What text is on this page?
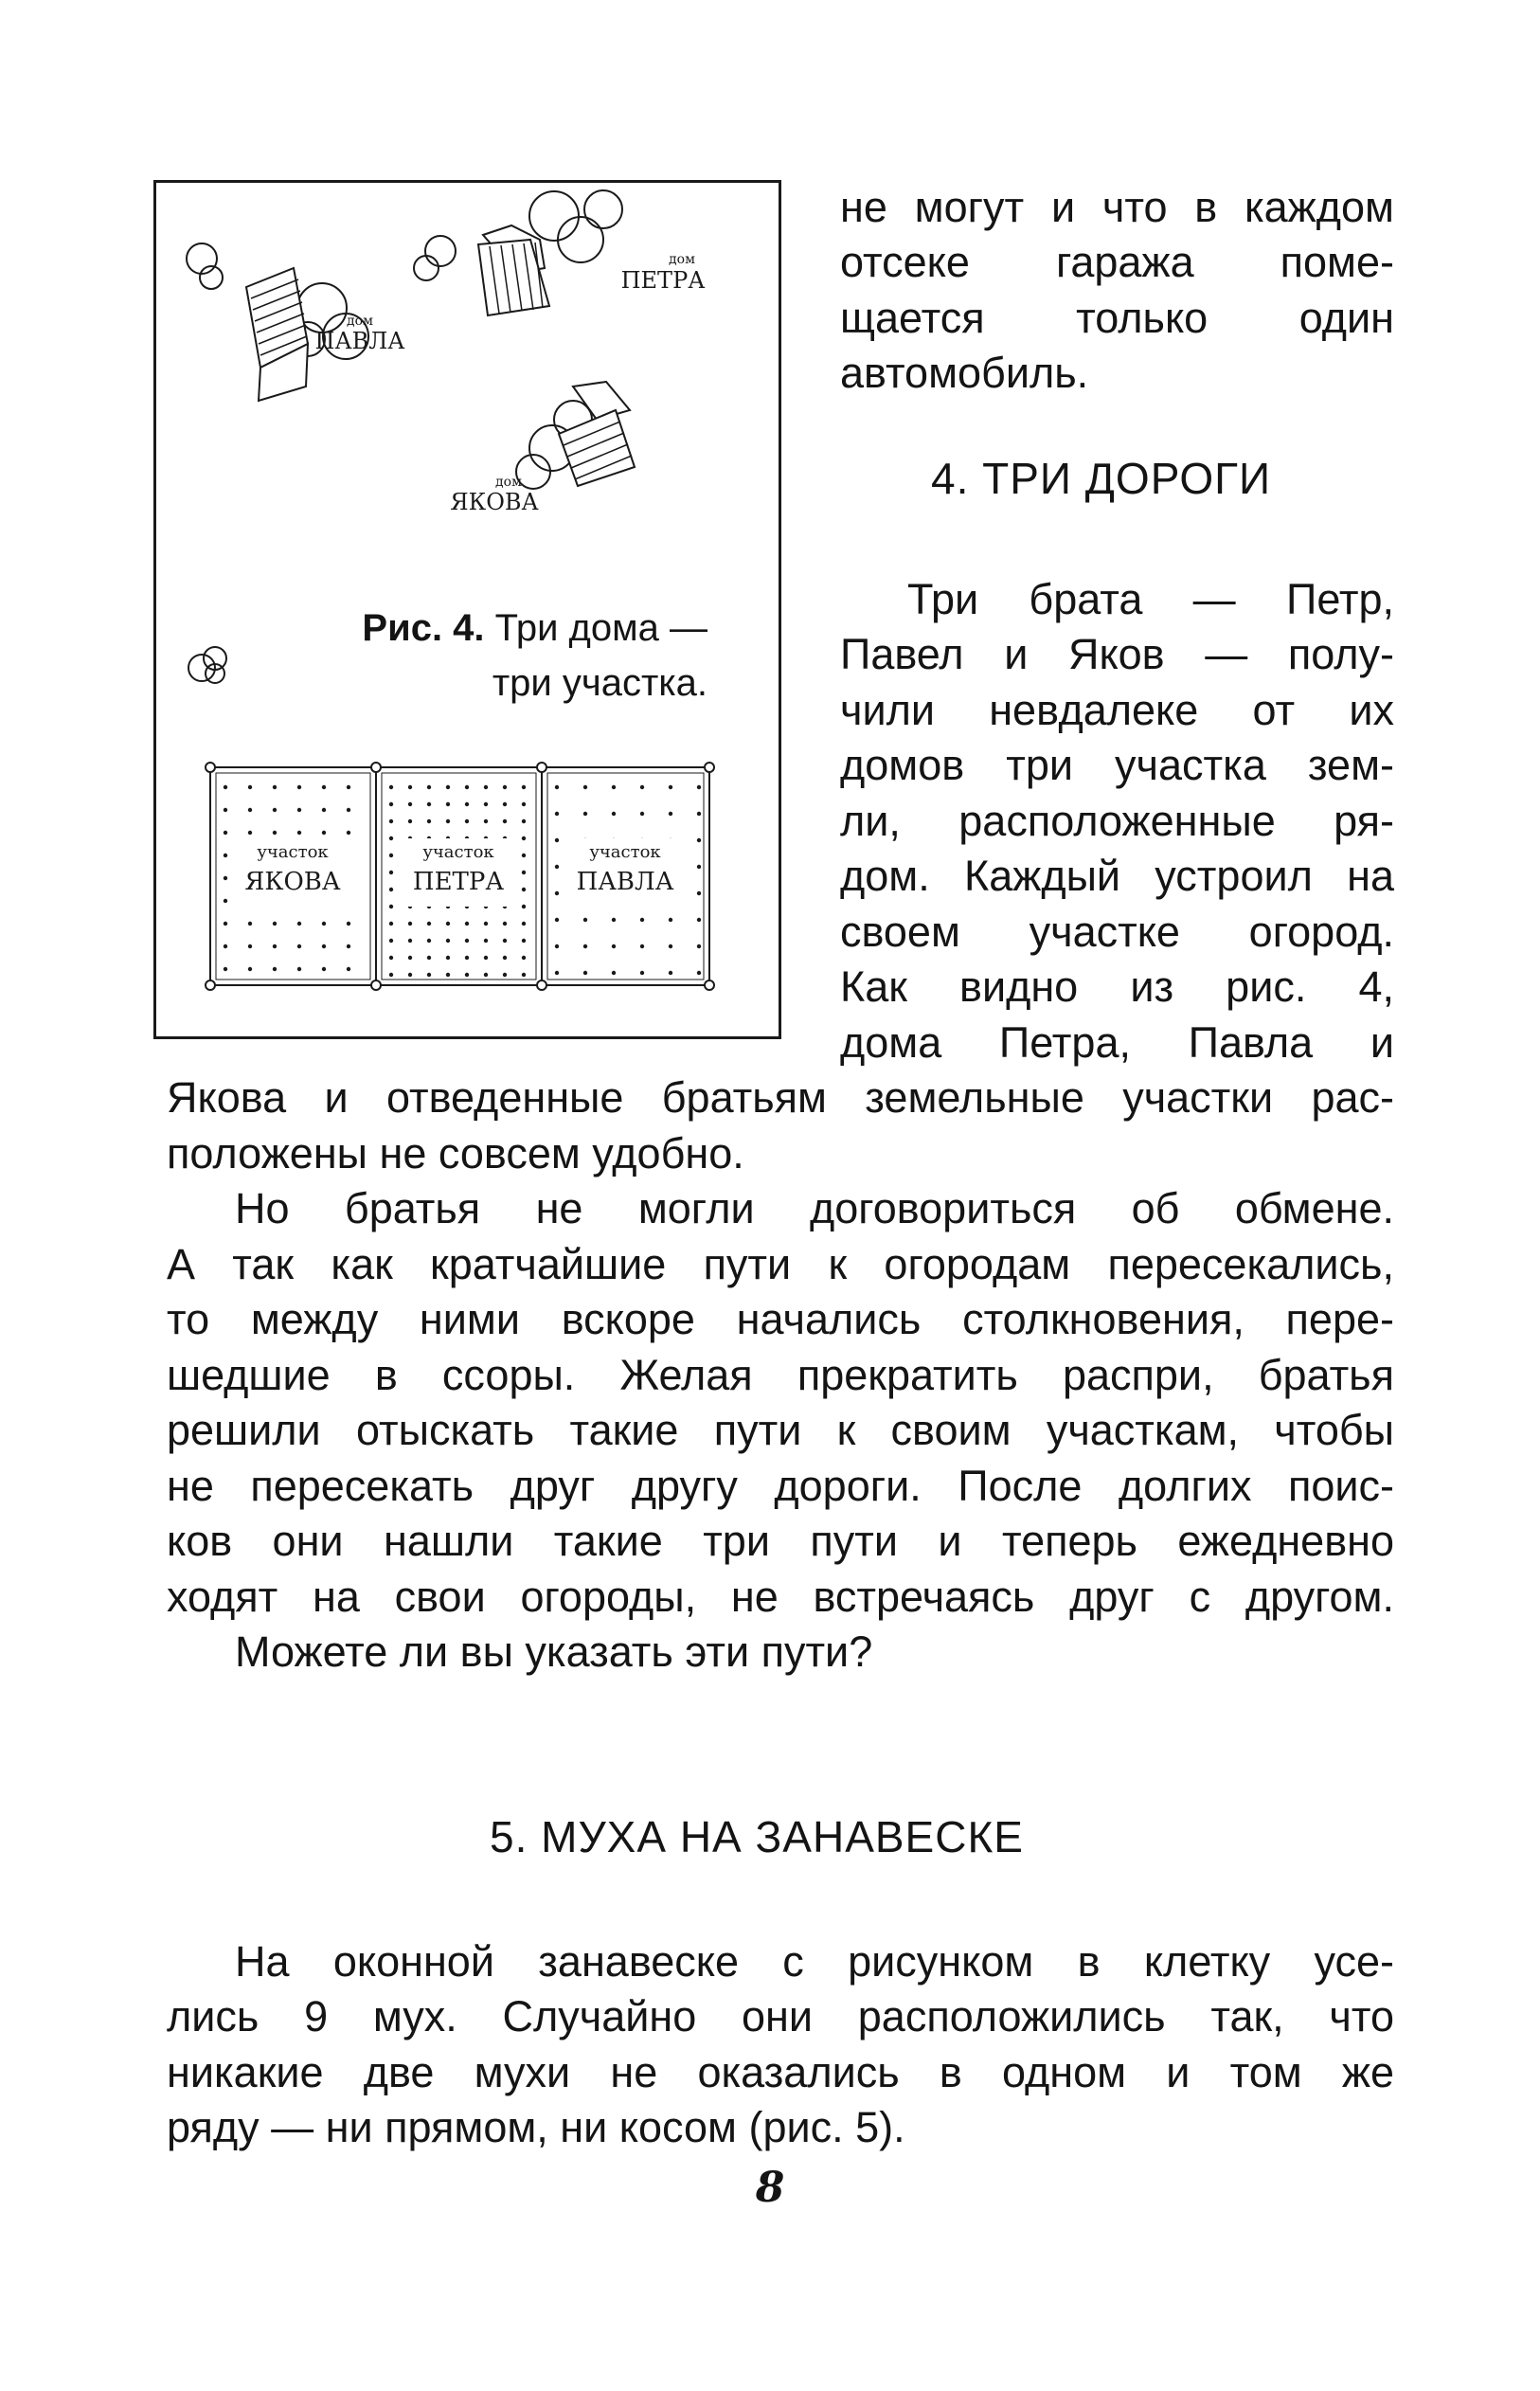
не могут и что в каждом
отсеке гаража поме-
щается только один
автомобиль.
4. ТРИ ДОРОГИ
Три брата — Петр,
Павел и Яков — полу-
чили невдалеке от их
домов три участка зем-
ли, расположенные ря-
дом. Каждый устроил на
своем участке огород.
Как видно из рис. 4,
дома Петра, Павла и
Якова и отведенные братьям земельные участки рас-
положены не совсем удобно.
Но братья не могли договориться об обмене.
А так как кратчайшие пути к огородам пересекались,
то между ними вскоре начались столкновения, пере-
шедшие в ссоры. Желая прекратить распри, братья
решили отыскать такие пути к своим участкам, чтобы
не пересекать друг другу дороги. После долгих поис-
ков они нашли такие три пути и теперь ежедневно
ходят на свои огороды, не встречаясь друг с другом.
Можете ли вы указать эти пути?
5. МУХА НА ЗАНАВЕСКЕ
На оконной занавеске с рисунком в клетку усе-
лись 9 мух. Случайно они расположились так, что
никакие две мухи не оказались в одном и том же
ряду — ни прямом, ни косом (рис. 5).
8
дом
ПАВЛА
дом
ПЕТРА
дом
ЯКОВА
участок
ЯКОВА
участок
ПЕТРА
участок
ПАВЛА
Рис. 4. Три дома —
три участка.
